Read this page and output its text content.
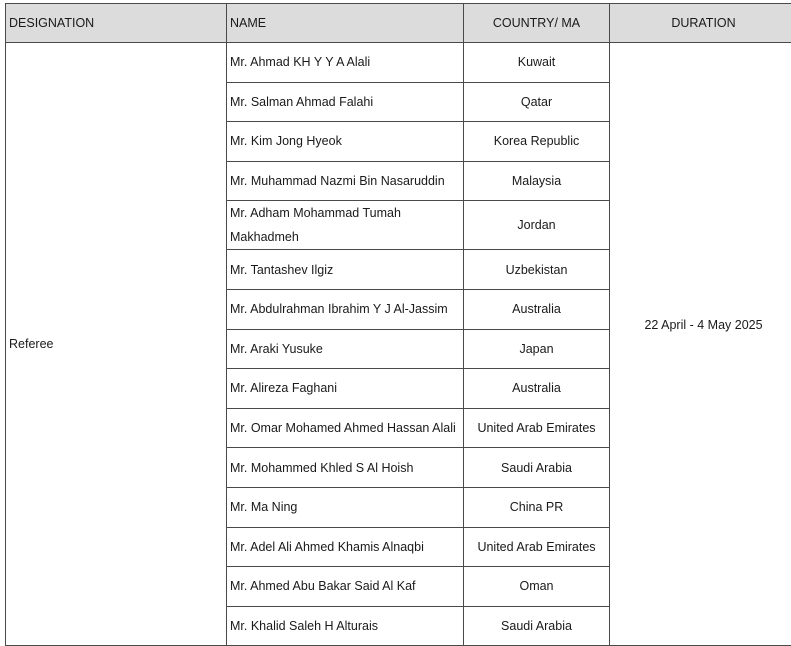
DESIGNATION	NAME	COUNTRY/ MA	DURATION
Referee	Mr. Ahmad KH Y Y A Alali	Kuwait	22 April - 4 May 2025
	Mr. Salman Ahmad Falahi	Qatar	
	Mr. Kim Jong Hyeok	Korea Republic	
	Mr. Muhammad Nazmi Bin Nasaruddin	Malaysia	
	Mr. Adham Mohammad Tumah Makhadmeh	Jordan	
	Mr. Tantashev Ilgiz	Uzbekistan	
	Mr. Abdulrahman Ibrahim Y J Al-Jassim	Australia	
	Mr. Araki Yusuke	Japan	
	Mr. Alireza Faghani	Australia	
	Mr. Omar Mohamed Ahmed Hassan Alali	United Arab Emirates	
	Mr. Mohammed Khled S Al Hoish	Saudi Arabia	
	Mr. Ma Ning	China PR	
	Mr. Adel Ali Ahmed Khamis Alnaqbi	United Arab Emirates	
	Mr. Ahmed Abu Bakar Said Al Kaf	Oman	
	Mr. Khalid Saleh H Alturais	Saudi Arabia	
